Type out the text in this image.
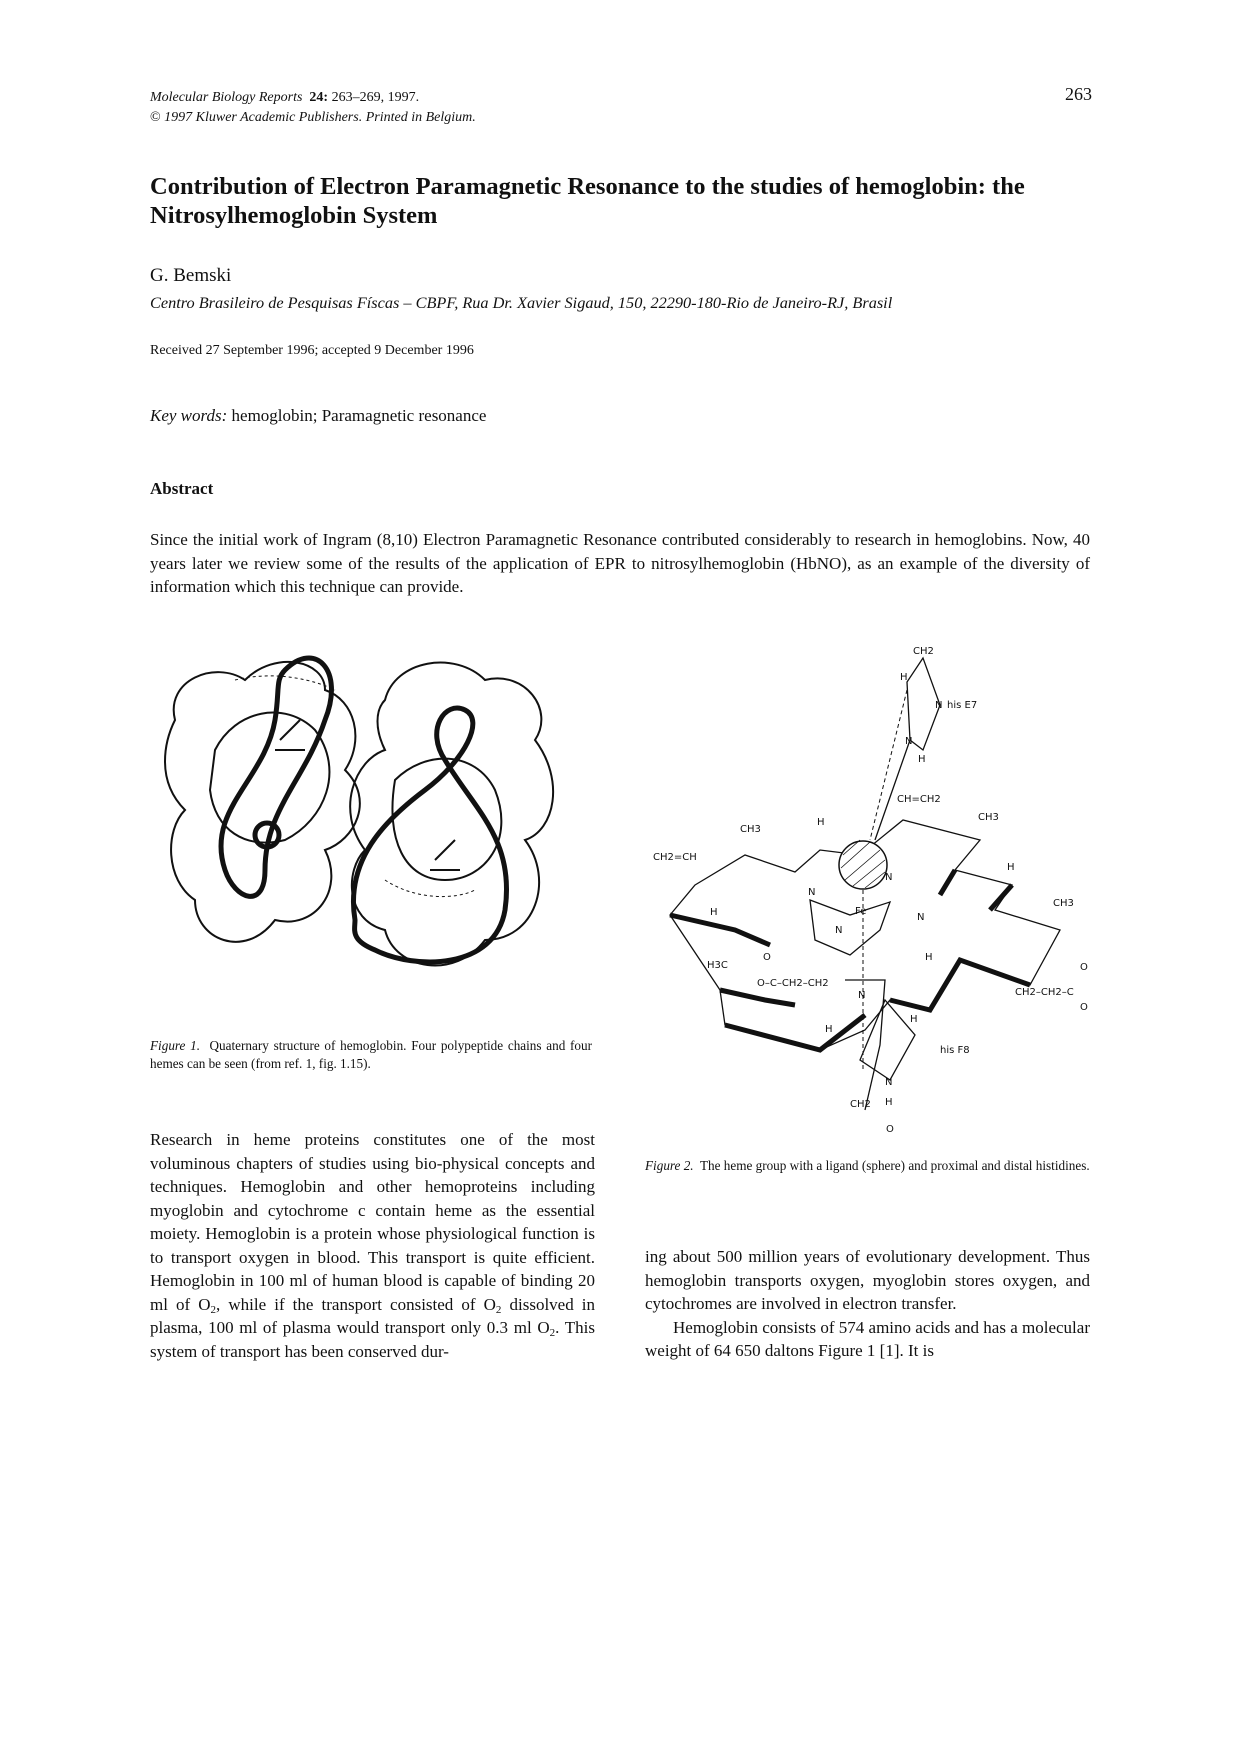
Molecular Biology Reports 24: 263–269, 1997.
© 1997 Kluwer Academic Publishers. Printed in Belgium.
263
Contribution of Electron Paramagnetic Resonance to the studies of hemoglobin: the Nitrosylhemoglobin System
G. Bemski
Centro Brasileiro de Pesquisas Físcas – CBPF, Rua Dr. Xavier Sigaud, 150, 22290-180-Rio de Janeiro-RJ, Brasil
Received 27 September 1996; accepted 9 December 1996
Key words: hemoglobin; Paramagnetic resonance
Abstract
Since the initial work of Ingram (8,10) Electron Paramagnetic Resonance contributed considerably to research in hemoglobins. Now, 40 years later we review some of the results of the application of EPR to nitrosylhemoglobin (HbNO), as an example of the diversity of information which this technique can provide.
Figure 1. Quaternary structure of hemoglobin. Four polypeptide chains and four hemes can be seen (from ref. 1, fig. 1.15).
CH2
H
N his E7
N
H
CH=CH2
CH3
H	CH3
CH2=CH
N
N
H
Fe
H
CH3
N
N
H3C
O
O–C–CH2–CH2
H
CH2–CH2–C
O
O
N
H
H
his F8
N
H
CH2
O
Figure 2. The heme group with a ligand (sphere) and proximal and distal histidines.

Research in heme proteins constitutes one of the most voluminous chapters of studies using bio-physical concepts and techniques. Hemoglobin and other hemoproteins including myoglobin and cytochrome c contain heme as the essential moiety. Hemoglobin is a protein whose physiological function is to transport oxygen in blood. This transport is quite efficient. Hemoglobin in 100 ml of human blood is capable of binding 20 ml of $O_2$, while if the transport consisted of $O_2$ dissolved in plasma, 100 ml of plasma would transport only 0.3 ml $O_2$. This system of transport has been conserved dur-

ing about 500 million years of evolutionary development. Thus hemoglobin transports oxygen, myoglobin stores oxygen, and cytochromes are involved in electron transfer.

Hemoglobin consists of 574 amino acids and has a molecular weight of 64 650 daltons Figure 1 [1]. It is
